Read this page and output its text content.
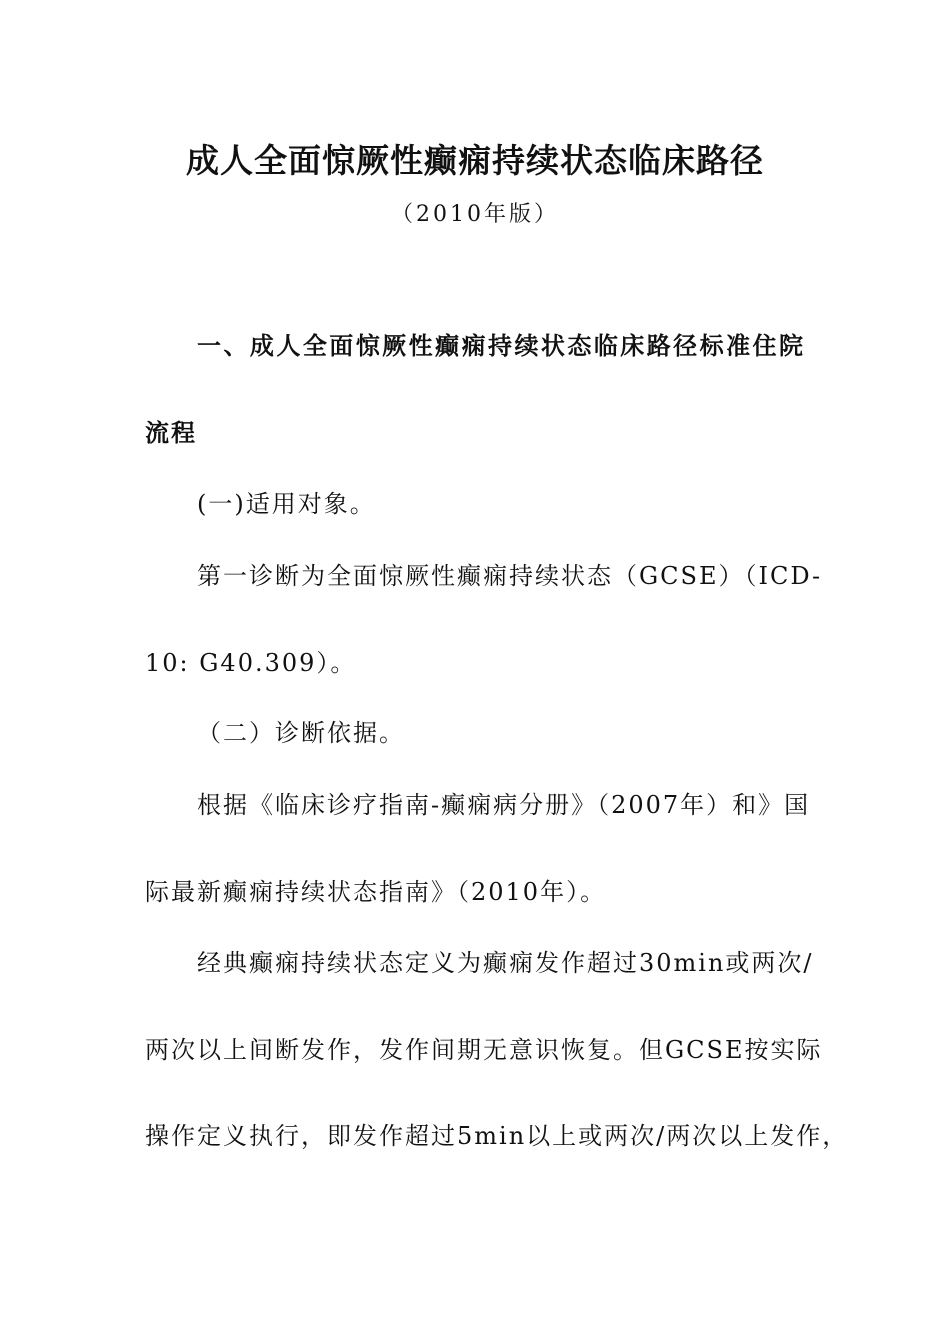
成人全面惊厥性癫痫持续状态临床路径
（2010年版）
一、成人全面惊厥性癫痫持续状态临床路径标准住院
流程
(一)适用对象。
第一诊断为全面惊厥性癫痫持续状态（GCSE）（ICD-
10: G40.309）。
（二）诊断依据。
根据《临床诊疗指南-癫痫病分册》（2007年）和》国
际最新癫痫持续状态指南》（2010年）。
经典癫痫持续状态定义为癫痫发作超过30min或两次/
两次以上间断发作，发作间期无意识恢复。但GCSE按实际
操作定义执行，即发作超过5min以上或两次/两次以上发作，
